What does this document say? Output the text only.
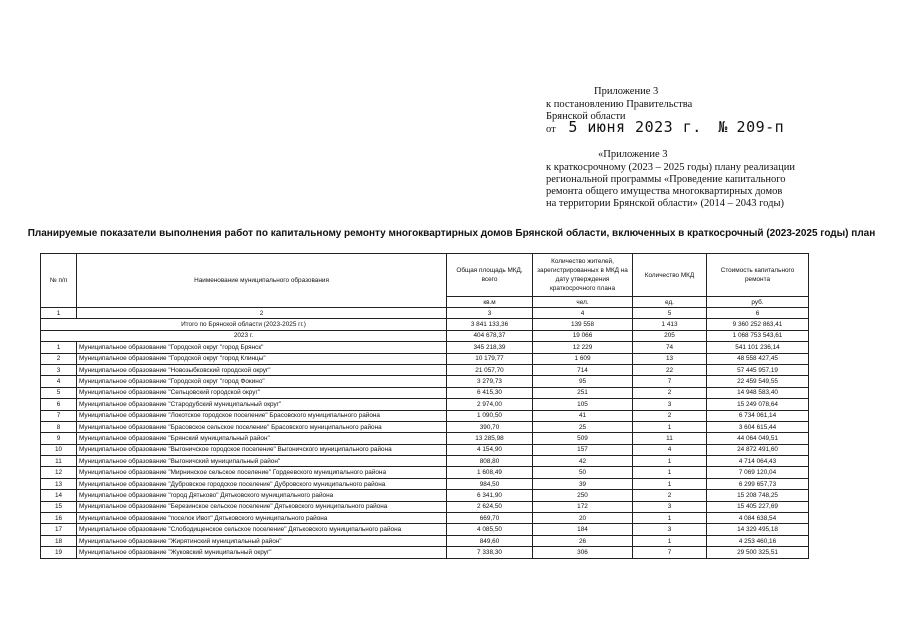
Приложение 3
к постановлению Правительства
Брянской области
от 5 июня 2023 г. № 209-п
«Приложение 3
к краткосрочному (2023 – 2025 годы) плану реализации
региональной программы «Проведение капитального
ремонта общего имущества многоквартирных домов
на территории Брянской области» (2014 – 2043 годы)
Планируемые показатели выполнения работ по капитальному ремонту многоквартирных домов Брянской области, включенных в краткосрочный (2023-2025 годы) план
№ п/п	Наименование муниципального образования	Общая площадь МКД, всего	Количество жителей, зарегистрированных в МКД на дату утверждения краткосрочного плана	Количество МКД	Стоимость капитального ремонта
		кв.м	чел.	ед.	руб.
1	2	3	4	5	6
Итого по Брянской области (2023-2025 гг.)		3 841 133,36	139 558	1 413	9 360 252 863,41
2023 г.		404 678,37	19 066	205	1 068 753 543,61
1	Муниципальное образование "Городской округ "город Брянск"	345 218,39	12 229	74	541 101 236,14
2	Муниципальное образование "Городской округ "город Клинцы"	10 179,77	1 609	13	48 558 427,45
3	Муниципальное образование "Новозыбковский городской округ"	21 057,70	714	22	57 445 957,19
4	Муниципальное образование "Городской округ "город Фокино"	3 279,73	95	7	22 459 549,55
5	Муниципальное образование "Сельцовский городской округ"	6 415,30	251	2	14 948 583,40
6	Муниципальное образование "Стародубский муниципальный округ"	2 974,00	105	3	15 249 078,64
7	Муниципальное образование "Локотское городское поселение" Брасовского муниципального района	1 090,50	41	2	6 734 061,14
8	Муниципальное образование "Брасовское сельское поселение" Брасовского муниципального района	390,70	25	1	3 604 615,44
9	Муниципальное образование "Брянский муниципальный район"	13 285,98	509	11	44 064 049,51
10	Муниципальное образование "Выгоничское городское поселение" Выгоничского муниципального района	4 154,90	157	4	24 872 491,60
11	Муниципальное образование "Выгоничский муниципальный район"	808,80	42	1	4 714 064,43
12	Муниципальное образование "Мирнинское сельское поселение" Гордеевского муниципального района	1 608,49	50	1	7 069 120,04
13	Муниципальное образование "Дубровское городское поселение" Дубровского муниципального района	984,50	39	1	6 299 657,73
14	Муниципальное образование "город Дятьково" Дятьковского муниципального района	6 341,90	250	2	15 208 748,25
15	Муниципальное образование "Березинское сельское поселение" Дятьковского муниципального района	2 624,50	172	3	15 405 227,69
16	Муниципальное образование "поселок Ивот" Дятьковского муниципального района	669,70	20	1	4 084 638,54
17	Муниципальное образование "Слободищенское сельское поселение" Дятьковского муниципального района	4 085,50	184	3	14 329 495,18
18	Муниципальное образование "Жирятинский муниципальный район"	849,60	26	1	4 253 460,16
19	Муниципальное образование "Жуковский муниципальный округ"	7 338,30	306	7	29 500 325,51
